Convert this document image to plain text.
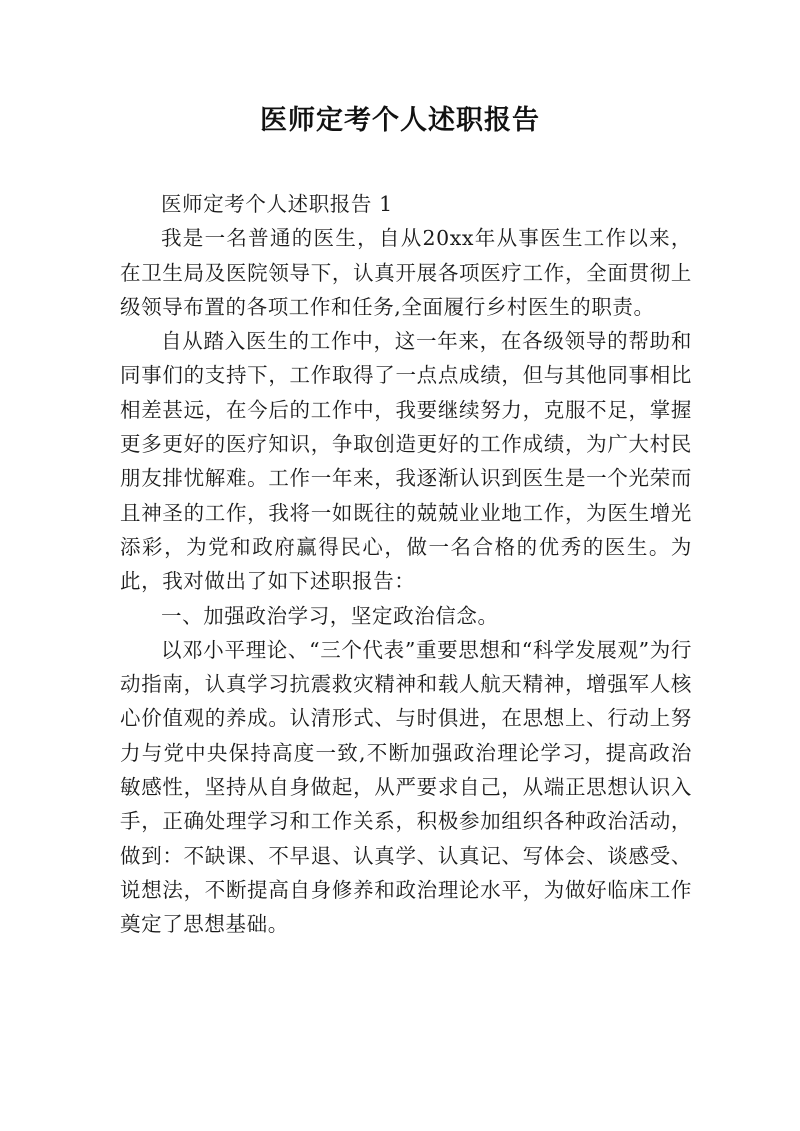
医师定考个人述职报告

医师定考个人述职报告 1

我是一名普通的医生，自从20xx年从事医生工作以来，在卫生局及医院领导下，认真开展各项医疗工作，全面贯彻上级领导布置的各项工作和任务,全面履行乡村医生的职责。

自从踏入医生的工作中，这一年来，在各级领导的帮助和同事们的支持下，工作取得了一点点成绩，但与其他同事相比相差甚远，在今后的工作中，我要继续努力，克服不足，掌握更多更好的医疗知识，争取创造更好的工作成绩，为广大村民朋友排忧解难。工作一年来，我逐渐认识到医生是一个光荣而且神圣的工作，我将一如既往的兢兢业业地工作，为医生增光添彩，为党和政府赢得民心，做一名合格的优秀的医生。为此，我对做出了如下述职报告：

一、加强政治学习，坚定政治信念。

以邓小平理论、“三个代表”重要思想和“科学发展观”为行动指南，认真学习抗震救灾精神和载人航天精神，增强军人核心价值观的养成。认清形式、与时俱进，在思想上、行动上努力与党中央保持高度一致,不断加强政治理论学习，提高政治敏感性，坚持从自身做起，从严要求自己，从端正思想认识入手，正确处理学习和工作关系，积极参加组织各种政治活动，做到：不缺课、不早退、认真学、认真记、写体会、谈感受、说想法，不断提高自身修养和政治理论水平，为做好临床工作奠定了思想基础。
